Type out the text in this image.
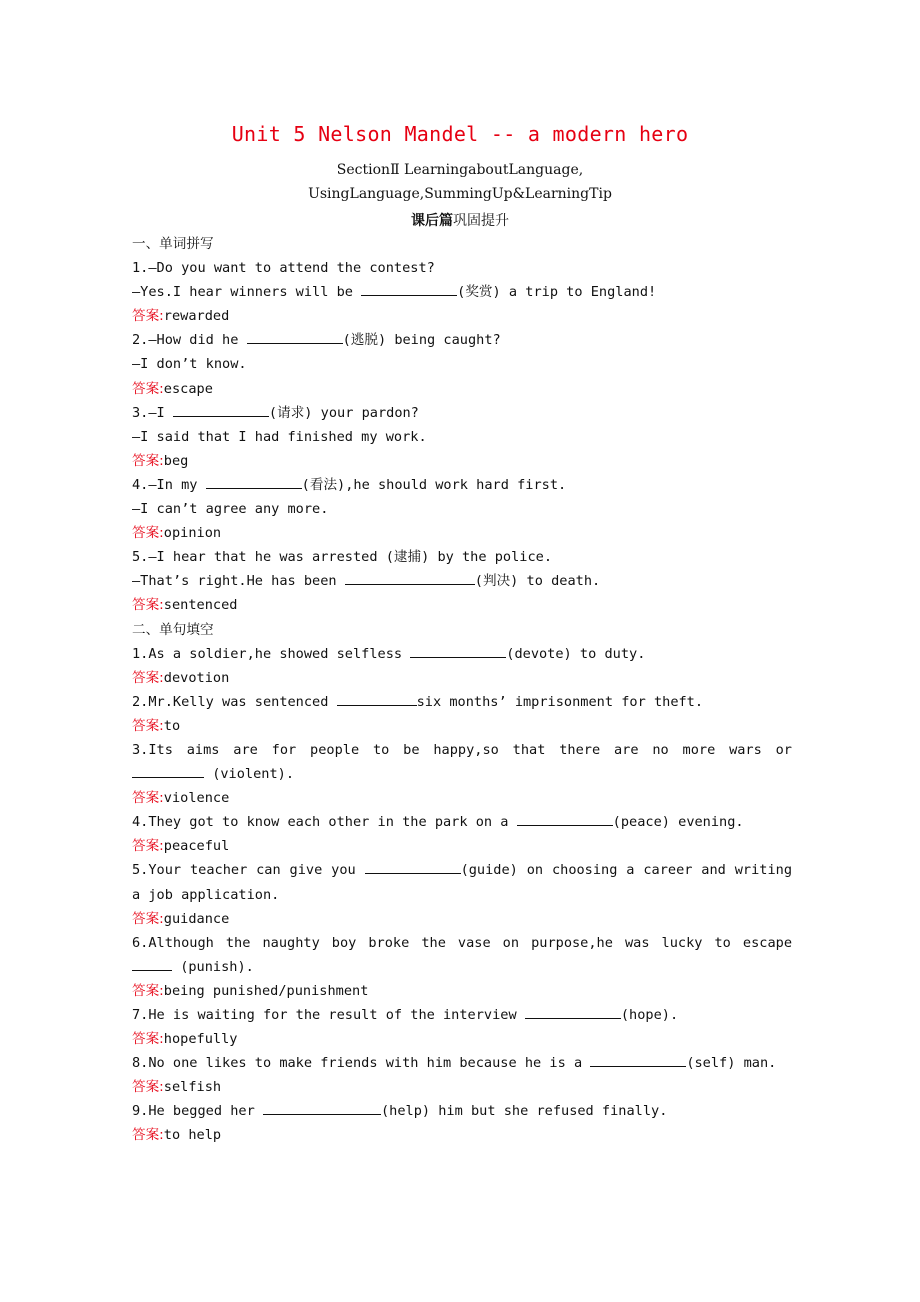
Unit 5 Nelson Mandel -- a modern hero
SectionⅡ LearningaboutLanguage,
UsingLanguage,SummingUp&LearningTip
课后篇巩固提升
一、单词拼写
1.—Do you want to attend the contest?
—Yes.I hear winners will be	(奖赏) a trip to England!
答案:rewarded
2.—How did he	(逃脱) being caught?
—I don’t know.
答案:escape
3.—I	(请求) your pardon?
—I said that I had finished my work.
答案:beg
4.—In my	(看法),he should work hard first.
—I can’t agree any more.
答案:opinion
5.—I hear that he was arrested (逮捕) by the police.
—That’s right.He has been	(判决) to death.
答案:sentenced
二、单句填空
1.As a soldier,he showed selfless	(devote) to duty.
答案:devotion
2.Mr.Kelly was sentenced	six months’ imprisonment for theft.
答案:to
3.Its aims are for people to be happy,so that there are no more wars or  (violent).
答案:violence
4.They got to know each other in the park on a	(peace) evening.
答案:peaceful
5.Your teacher can give you	(guide) on choosing a career and writing a job application.
答案:guidance
6.Although the naughty boy broke the vase on purpose,he was lucky to escape  (punish).
答案:being punished/punishment
7.He is waiting for the result of the interview	(hope).
答案:hopefully
8.No one likes to make friends with him because he is a	(self) man.
答案:selfish
9.He begged her	(help) him but she refused finally.
答案:to help
